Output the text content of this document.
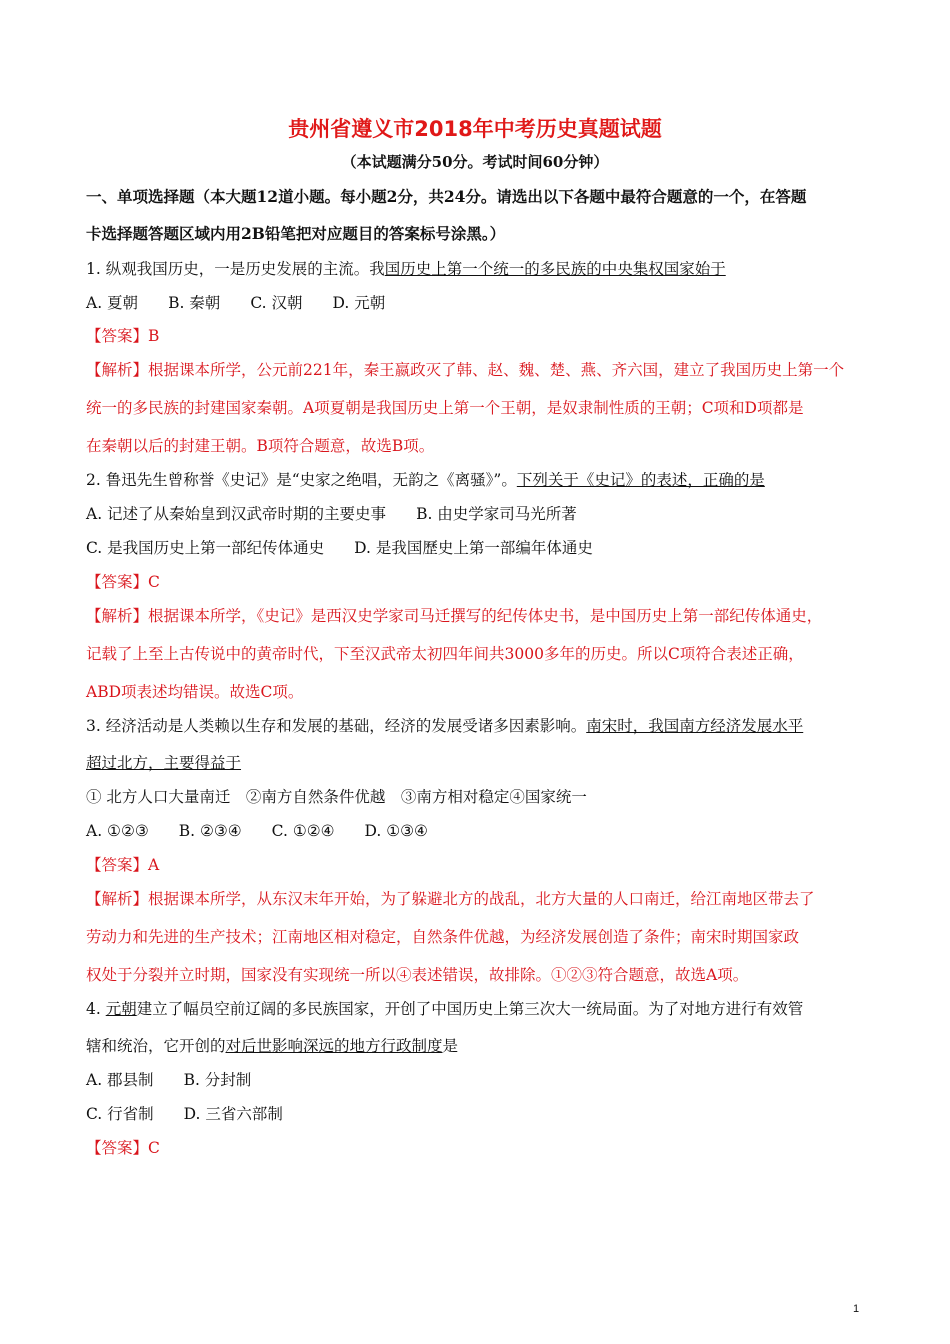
贵州省遵义市2018年中考历史真题试题
（本试题满分50分。考试时间60分钟）
一、单项选择题（本大题12道小题。每小题2分，共24分。请选出以下各题中最符合题意的一个，在答题
卡选择题答题区域内用2B铅笔把对应题目的答案标号涂黑。）
1. 纵观我国历史，一是历史发展的主流。我国历史上第一个统一的多民族的中央集权国家始于
A. 夏朝 B. 秦朝 C. 汉朝 D. 元朝
【答案】B
【解析】根据课本所学，公元前221年，秦王嬴政灭了韩、赵、魏、楚、燕、齐六国，建立了我国历史上第一个
统一的多民族的封建国家秦朝。A项夏朝是我国历史上第一个王朝，是奴隶制性质的王朝；C项和D项都是
在秦朝以后的封建王朝。B项符合题意，故选B项。
2. 鲁迅先生曾称誉《史记》是“史家之绝唱，无韵之《离骚》”。下列关于《史记》的表述，正确的是
A. 记述了从秦始皇到汉武帝时期的主要史事 B. 由史学家司马光所著
C. 是我国历史上第一部纪传体通史 D. 是我国歷史上第一部编年体通史
【答案】C
【解析】根据课本所学，《史记》是西汉史学家司马迁撰写的纪传体史书，是中国历史上第一部纪传体通史，
记载了上至上古传说中的黄帝时代，下至汉武帝太初四年间共3000多年的历史。所以C项符合表述正确，
ABD项表述均错误。故选C项。
3. 经济活动是人类赖以生存和发展的基础，经济的发展受诸多因素影响。南宋时，我国南方经济发展水平
超过北方，主要得益于
① 北方人口大量南迁　②南方自然条件优越　③南方相对稳定④国家统一
A. ①②③ B. ②③④ C. ①②④ D. ①③④
【答案】A
【解析】根据课本所学，从东汉末年开始，为了躲避北方的战乱，北方大量的人口南迁，给江南地区带去了
劳动力和先进的生产技术；江南地区相对稳定，自然条件优越，为经济发展创造了条件；南宋时期国家政
权处于分裂并立时期，国家没有实现统一所以④表述错误，故排除。①②③符合题意，故选A项。
4. 元朝建立了幅员空前辽阔的多民族国家，开创了中国历史上第三次大一统局面。为了对地方进行有效管
辖和统治，它开创的对后世影响深远的地方行政制度是
A. 郡县制 B. 分封制
C. 行省制 D. 三省六部制
【答案】C
1
